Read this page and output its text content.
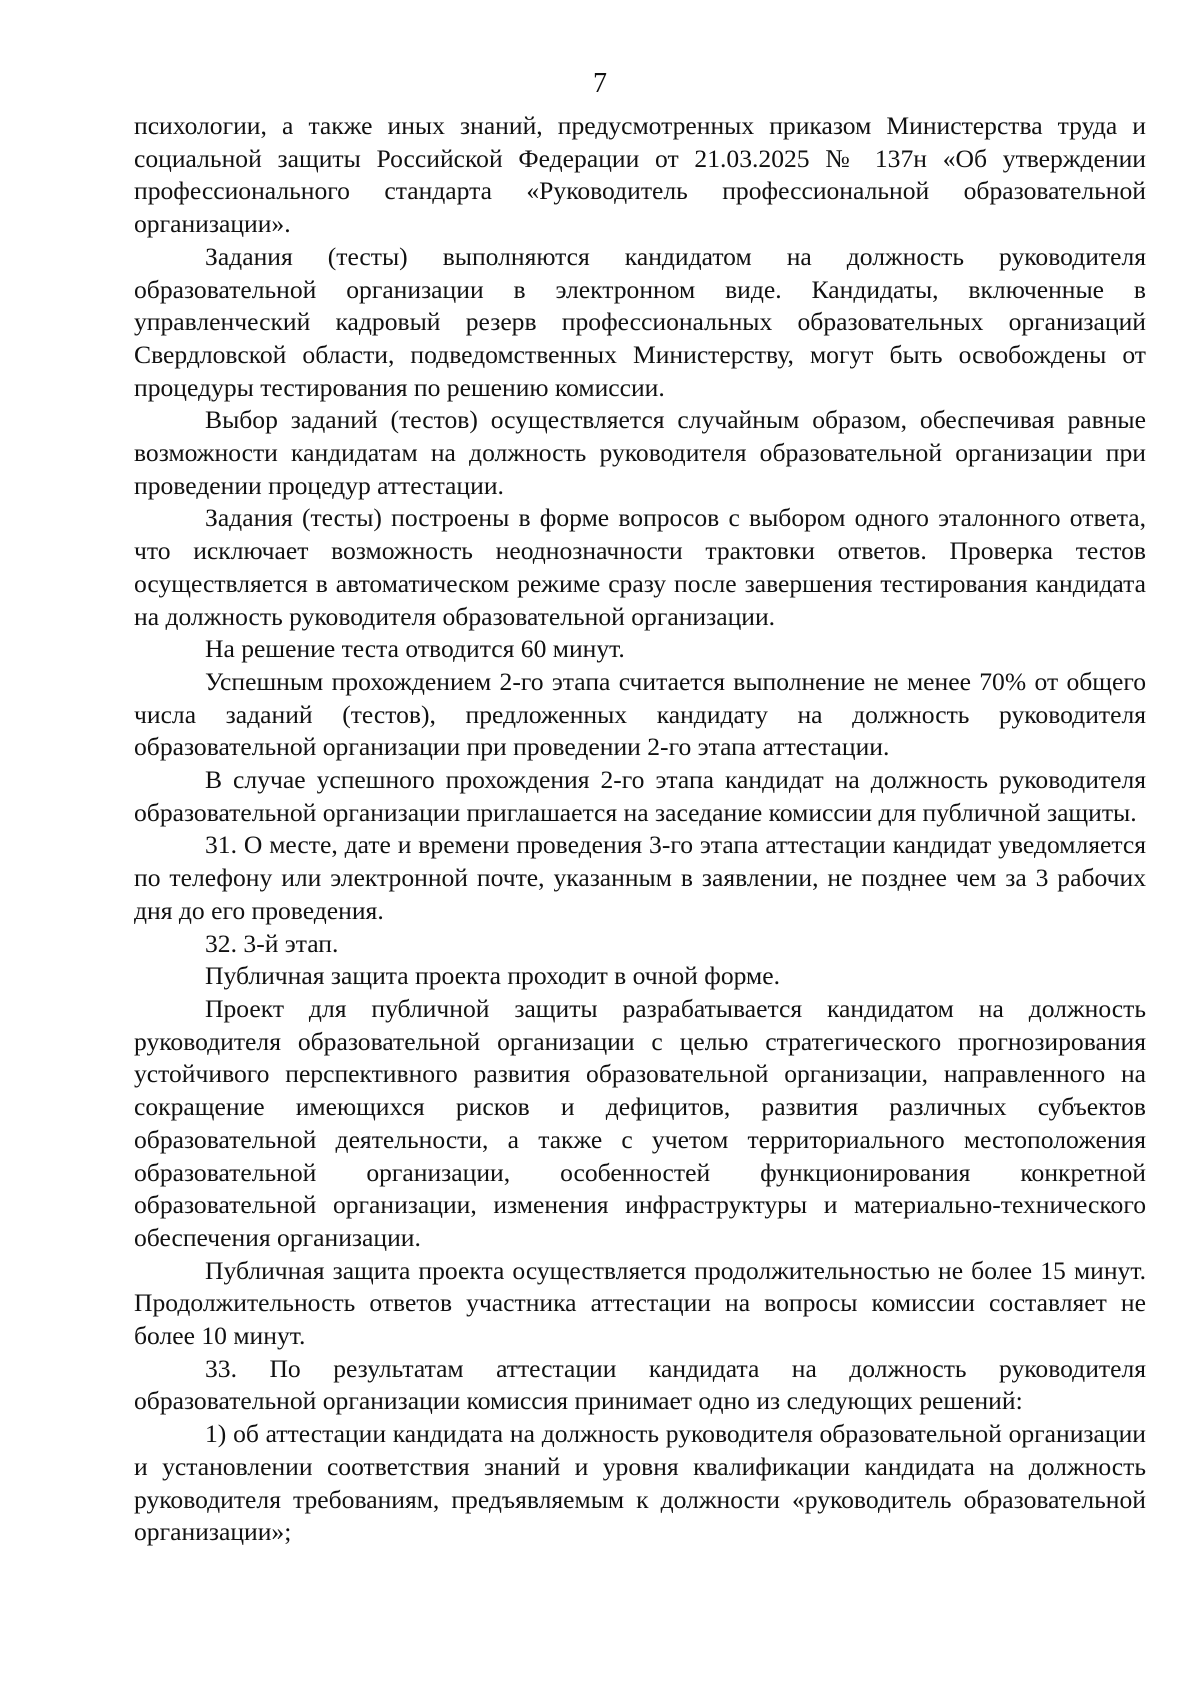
7

психологии, а также иных знаний, предусмотренных приказом Министерства труда и социальной защиты Российской Федерации от 21.03.2025 № 137н «Об утверждении профессионального стандарта «Руководитель профессиональной образовательной организации».

Задания (тесты) выполняются кандидатом на должность руководителя образовательной организации в электронном виде. Кандидаты, включенные в управленческий кадровый резерв профессиональных образовательных организаций Свердловской области, подведомственных Министерству, могут быть освобождены от процедуры тестирования по решению комиссии.

Выбор заданий (тестов) осуществляется случайным образом, обеспечивая равные возможности кандидатам на должность руководителя образовательной организации при проведении процедур аттестации.

Задания (тесты) построены в форме вопросов с выбором одного эталонного ответа, что исключает возможность неоднозначности трактовки ответов. Проверка тестов осуществляется в автоматическом режиме сразу после завершения тестирования кандидата на должность руководителя образовательной организации.

На решение теста отводится 60 минут.

Успешным прохождением 2-го этапа считается выполнение не менее 70% от общего числа заданий (тестов), предложенных кандидату на должность руководителя образовательной организации при проведении 2-го этапа аттестации.

В случае успешного прохождения 2-го этапа кандидат на должность руководителя образовательной организации приглашается на заседание комиссии для публичной защиты.

31. О месте, дате и времени проведения 3-го этапа аттестации кандидат уведомляется по телефону или электронной почте, указанным в заявлении, не позднее чем за 3 рабочих дня до его проведения.

32. 3-й этап.

Публичная защита проекта проходит в очной форме.

Проект для публичной защиты разрабатывается кандидатом на должность руководителя образовательной организации с целью стратегического прогнозирования устойчивого перспективного развития образовательной организации, направленного на сокращение имеющихся рисков и дефицитов, развития различных субъектов образовательной деятельности, а также с учетом территориального местоположения образовательной организации, особенностей функционирования конкретной образовательной организации, изменения инфраструктуры и материально-технического обеспечения организации.

Публичная защита проекта осуществляется продолжительностью не более 15 минут. Продолжительность ответов участника аттестации на вопросы комиссии составляет не более 10 минут.

33. По результатам аттестации кандидата на должность руководителя образовательной организации комиссия принимает одно из следующих решений:

1) об аттестации кандидата на должность руководителя образовательной организации и установлении соответствия знаний и уровня квалификации кандидата на должность руководителя требованиям, предъявляемым к должности «руководитель образовательной организации»;
